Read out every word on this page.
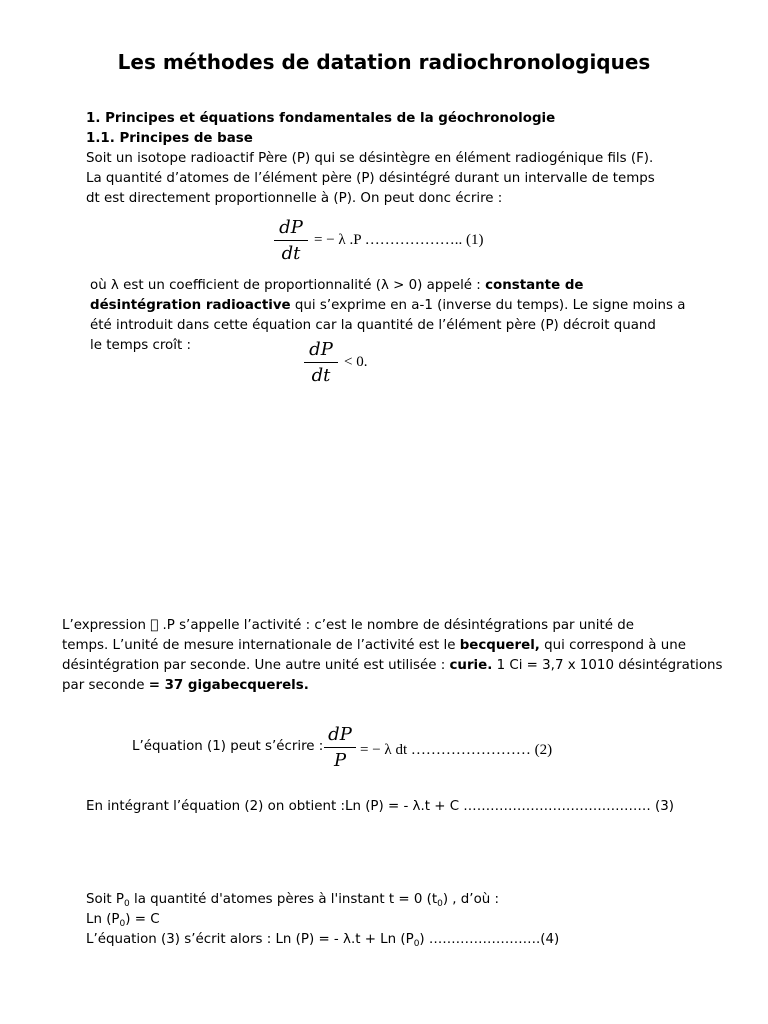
Les méthodes de datation radiochronologiques
1. Principes et équations fondamentales de la géochronologie
1.1. Principes de base
Soit un isotope radioactif Père (P) qui se désintègre en élément radiogénique fils (F).
La quantité d’atomes de l’élément père (P) désintégré durant un intervalle de temps
dt est directement proportionnelle à (P). On peut donc écrire :
dP
dt
= − λ .P ……………….. (1)
où λ est un coefficient de proportionnalité (λ > 0) appelé : constante de
désintégration radioactive qui s’exprime en a-1 (inverse du temps). Le signe moins a
été introduit dans cette équation car la quantité de l’élément père (P) décroit quand
le temps croît :	dP
dt
< 0.
L’expression ￿ .P s’appelle l’activité : c’est le nombre de désintégrations par unité de
temps. L’unité de mesure internationale de l’activité est le becquerel, qui correspond à une
désintégration par seconde. Une autre unité est utilisée : curie. 1 Ci = 3,7 x 1010 désintégrations
par seconde = 37 gigabecquerels.
L’équation (1) peut s’écrire :
dP
P = − λ dt …………………… (2)
En intégrant l’équation (2) on obtient :Ln (P) = - λ.t + C …………………………………… (3)
Soit $P_0$ la quantité d'atomes pères à l'instant t = 0 $(t_0)$ , d’où :
Ln $(P_0) = C$
L’équation (3) s’écrit alors : Ln (P) = - λ.t + Ln $(P_0)$ …………………….(4)
